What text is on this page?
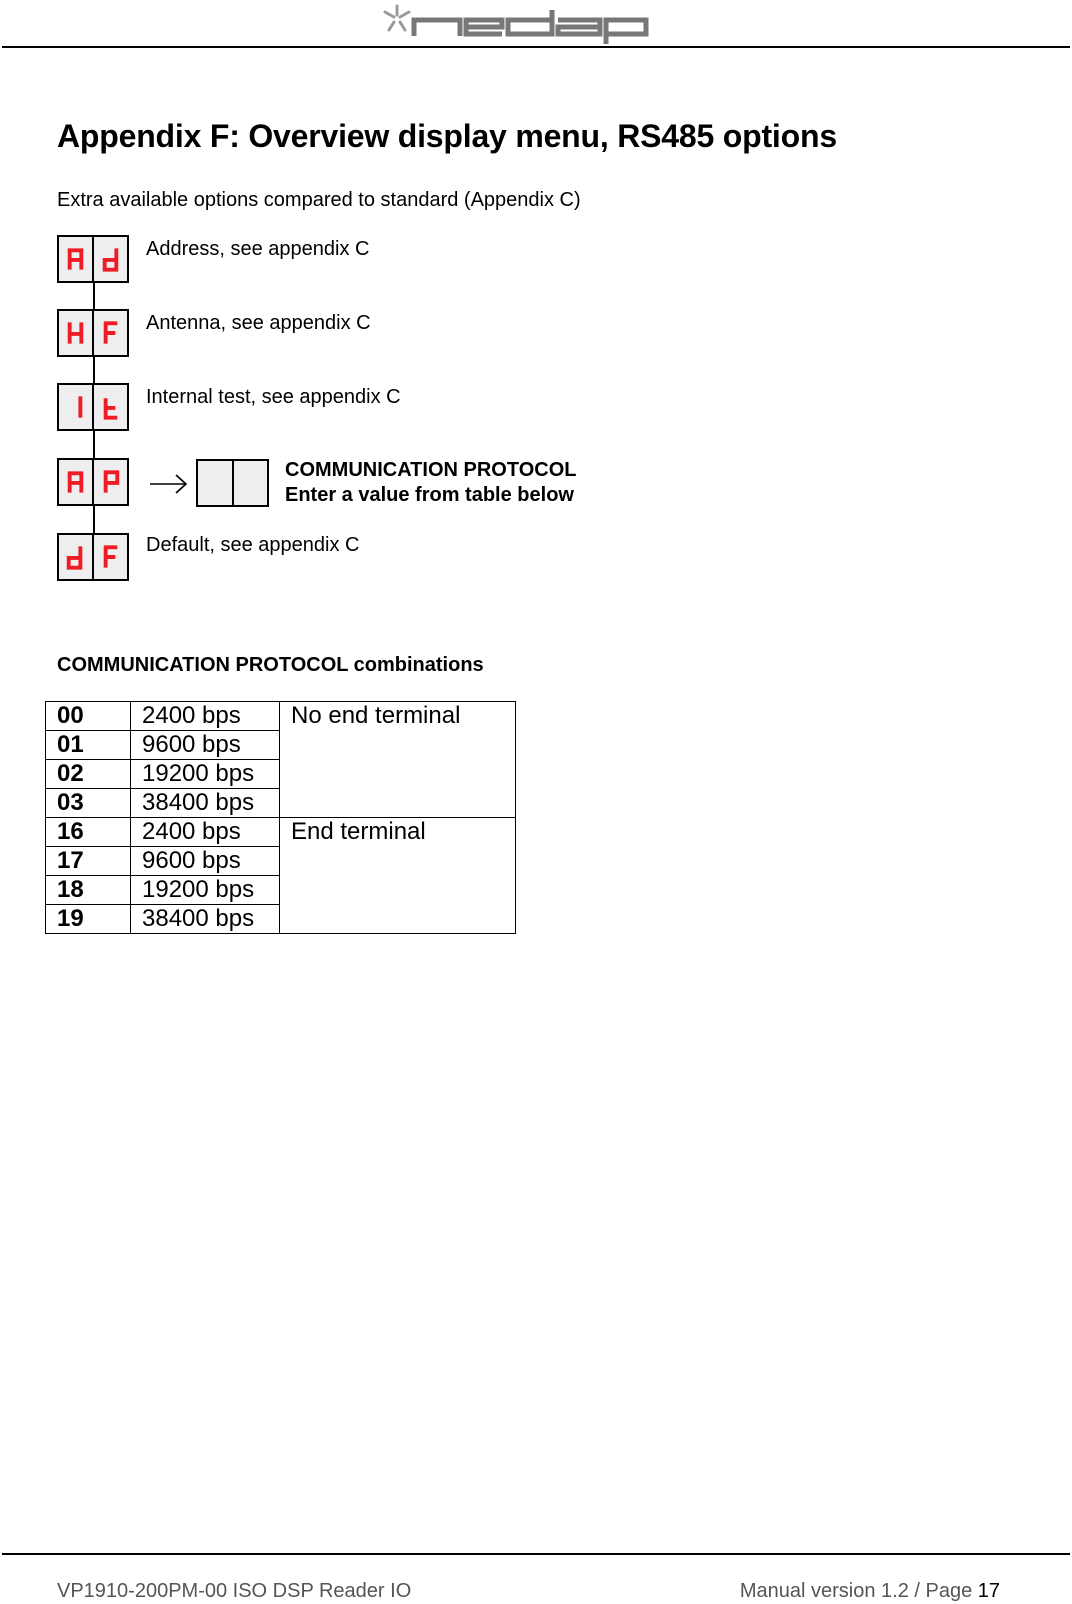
Appendix F: Overview display menu, RS485 options
Extra available options compared to standard (Appendix C)
Address, see appendix C
Antenna, see appendix C
Internal test, see appendix C
COMMUNICATION PROTOCOL
Enter a value from table below
Default, see appendix C
COMMUNICATION PROTOCOL combinations
00	2400 bps	No end terminal
01	9600 bps	
02	19200 bps	
03	38400 bps	
16	2400 bps	End terminal
17	9600 bps	
18	19200 bps	
19	38400 bps	
VP1910-200PM-00 ISO DSP Reader IO	Manual version 1.2 / Page 17
